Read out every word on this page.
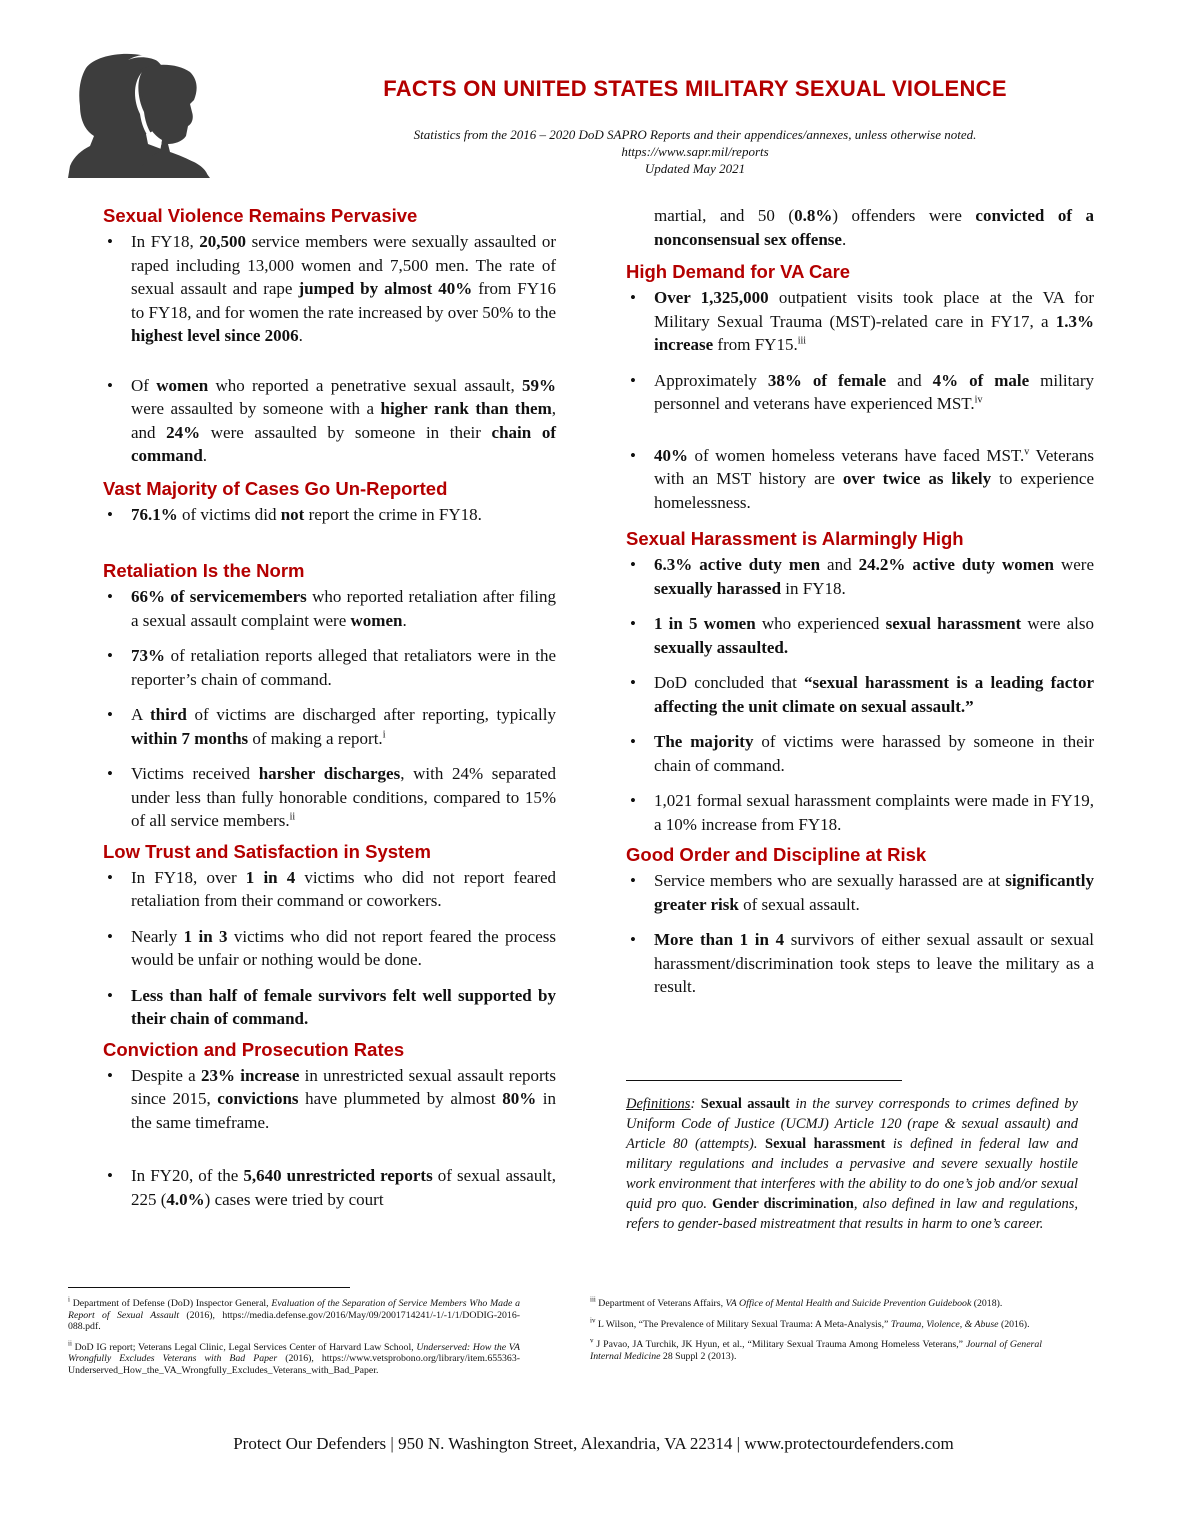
FACTS ON UNITED STATES MILITARY SEXUAL VIOLENCE
Statistics from the 2016 – 2020 DoD SAPRO Reports and their appendices/annexes, unless otherwise noted.
https://www.sapr.mil/reports
Updated May 2021
Sexual Violence Remains Pervasive
• In FY18, 20,500 service members were sexually assaulted or raped including 13,000 women and 7,500 men. The rate of sexual assault and rape jumped by almost 40% from FY16 to FY18, and for women the rate increased by over 50% to the highest level since 2006.
• Of women who reported a penetrative sexual assault, 59% were assaulted by someone with a higher rank than them, and 24% were assaulted by someone in their chain of command.
Vast Majority of Cases Go Un-Reported
• 76.1% of victims did not report the crime in FY18.
Retaliation Is the Norm
• 66% of servicemembers who reported retaliation after filing a sexual assault complaint were women.
• 73% of retaliation reports alleged that retaliators were in the reporter’s chain of command.
• A third of victims are discharged after reporting, typically within 7 months of making a report.$^i$
• Victims received harsher discharges, with 24% separated under less than fully honorable conditions, compared to 15% of all service members.$^{ii}$
Low Trust and Satisfaction in System
• In FY18, over 1 in 4 victims who did not report feared retaliation from their command or coworkers.
• Nearly 1 in 3 victims who did not report feared the process would be unfair or nothing would be done.
• Less than half of female survivors felt well supported by their chain of command.
Conviction and Prosecution Rates
• Despite a 23% increase in unrestricted sexual assault reports since 2015, convictions have plummeted by almost 80% in the same timeframe.
• In FY20, of the 5,640 unrestricted reports of sexual assault, 225 (4.0%) cases were tried by court
martial, and 50 (0.8%) offenders were convicted of a nonconsensual sex offense.
High Demand for VA Care
• Over 1,325,000 outpatient visits took place at the VA for Military Sexual Trauma (MST)-related care in FY17, a 1.3% increase from FY15.$^{iii}$
• Approximately 38% of female and 4% of male military personnel and veterans have experienced MST.$^{iv}$
• 40% of women homeless veterans have faced MST.$^v$ Veterans with an MST history are over twice as likely to experience homelessness.
Sexual Harassment is Alarmingly High
• 6.3% active duty men and 24.2% active duty women were sexually harassed in FY18.
• 1 in 5 women who experienced sexual harassment were also sexually assaulted.
• DoD concluded that “sexual harassment is a leading factor affecting the unit climate on sexual assault.”
• The majority of victims were harassed by someone in their chain of command.
• 1,021 formal sexual harassment complaints were made in FY19, a 10% increase from FY18.
Good Order and Discipline at Risk
• Service members who are sexually harassed are at significantly greater risk of sexual assault.
• More than 1 in 4 survivors of either sexual assault or sexual harassment/discrimination took steps to leave the military as a result.
Definitions: Sexual assault in the survey corresponds to crimes defined by Uniform Code of Justice (UCMJ) Article 120 (rape & sexual assault) and Article 80 (attempts). Sexual harassment is defined in federal law and military regulations and includes a pervasive and severe sexually hostile work environment that interferes with the ability to do one’s job and/or sexual quid pro quo. Gender discrimination, also defined in law and regulations, refers to gender-based mistreatment that results in harm to one’s career.
$^i$ Department of Defense (DoD) Inspector General, Evaluation of the Separation of Service Members Who Made a Report of Sexual Assault (2016), https://media.defense.gov/2016/May/09/2001714241/-1/-1/1/DODIG-2016-088.pdf.
$^{ii}$ DoD IG report; Veterans Legal Clinic, Legal Services Center of Harvard Law School, Underserved: How the VA Wrongfully Excludes Veterans with Bad Paper (2016), https://www.vetsprobono.org/library/item.655363-Underserved_How_the_VA_Wrongfully_Excludes_Veterans_with_Bad_Paper.
$^{iii}$ Department of Veterans Affairs, VA Office of Mental Health and Suicide Prevention Guidebook (2018).
$^{iv}$ L Wilson, “The Prevalence of Military Sexual Trauma: A Meta-Analysis,” Trauma, Violence, & Abuse (2016).
$^v$ J Pavao, JA Turchik, JK Hyun, et al., “Military Sexual Trauma Among Homeless Veterans,” Journal of General Internal Medicine 28 Suppl 2 (2013).
Protect Our Defenders | 950 N. Washington Street, Alexandria, VA 22314 | www.protectourdefenders.com
